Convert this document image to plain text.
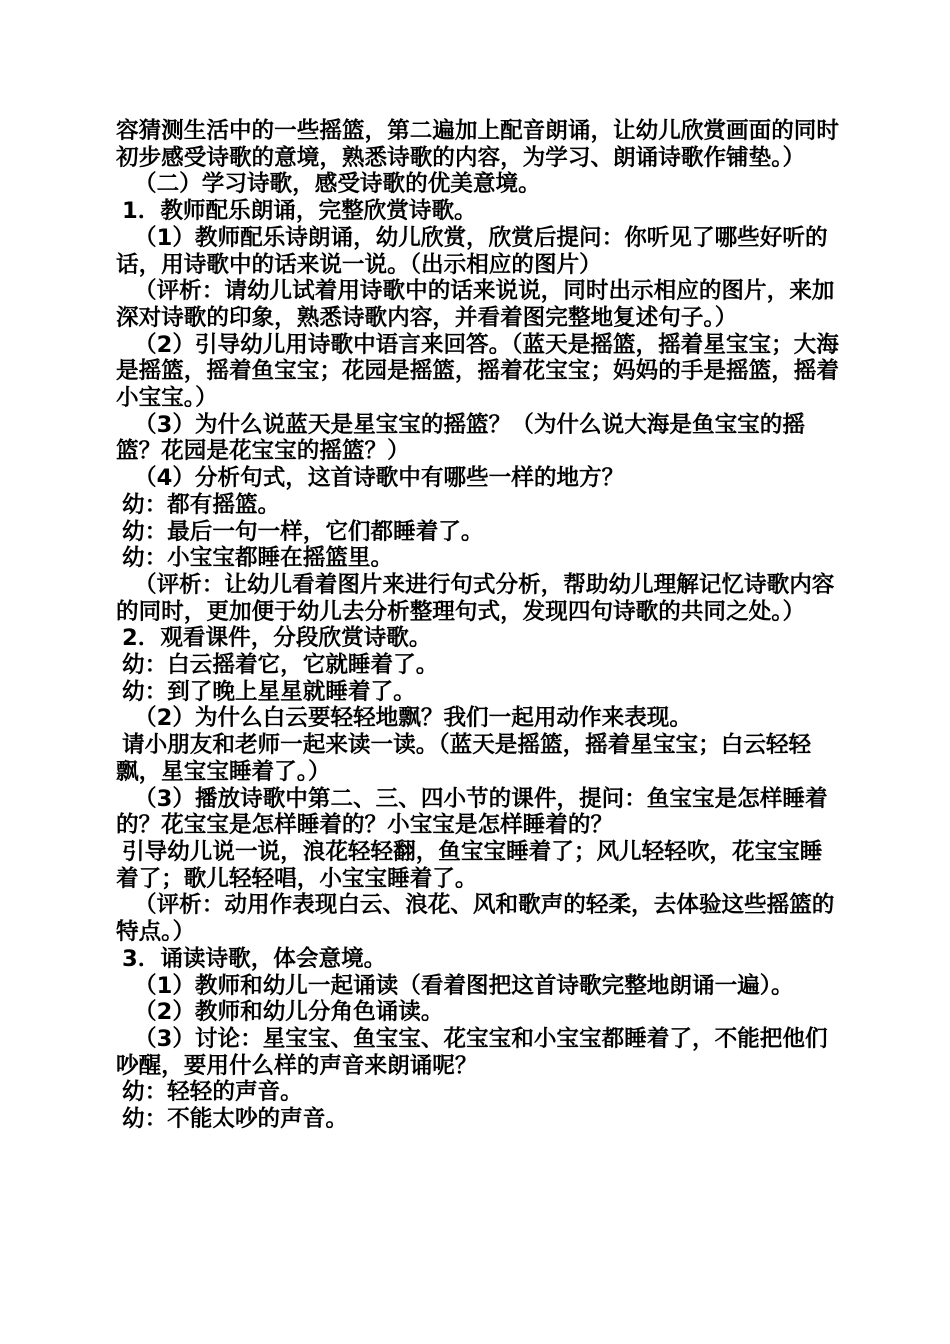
容猜测生活中的一些摇篮，第二遍加上配音朗诵，让幼儿欣赏画面的同时初步感受诗歌的意境，熟悉诗歌的内容，为学习、朗诵诗歌作铺垫。）

（二）学习诗歌，感受诗歌的优美意境。

1．教师配乐朗诵，完整欣赏诗歌。

（1）教师配乐诗朗诵，幼儿欣赏，欣赏后提问：你听见了哪些好听的话，用诗歌中的话来说一说。（出示相应的图片）

（评析：请幼儿试着用诗歌中的话来说说，同时出示相应的图片，来加深对诗歌的印象，熟悉诗歌内容，并看着图完整地复述句子。）

（2）引导幼儿用诗歌中语言来回答。（蓝天是摇篮，摇着星宝宝；大海是摇篮，摇着鱼宝宝；花园是摇篮，摇着花宝宝；妈妈的手是摇篮，摇着小宝宝。）

（3）为什么说蓝天是星宝宝的摇篮？（为什么说大海是鱼宝宝的摇篮？花园是花宝宝的摇篮？）

（4）分析句式，这首诗歌中有哪些一样的地方？

幼：都有摇篮。

幼：最后一句一样，它们都睡着了。

幼：小宝宝都睡在摇篮里。

（评析：让幼儿看着图片来进行句式分析，帮助幼儿理解记忆诗歌内容的同时，更加便于幼儿去分析整理句式，发现四句诗歌的共同之处。）

2．观看课件，分段欣赏诗歌。

幼：白云摇着它，它就睡着了。

幼：到了晚上星星就睡着了。

（2）为什么白云要轻轻地飘？我们一起用动作来表现。

请小朋友和老师一起来读一读。（蓝天是摇篮，摇着星宝宝；白云轻轻飘，星宝宝睡着了。）

（3）播放诗歌中第二、三、四小节的课件，提问：鱼宝宝是怎样睡着的？花宝宝是怎样睡着的？小宝宝是怎样睡着的？

引导幼儿说一说，浪花轻轻翻，鱼宝宝睡着了；风儿轻轻吹，花宝宝睡着了；歌儿轻轻唱，小宝宝睡着了。

（评析：动用作表现白云、浪花、风和歌声的轻柔，去体验这些摇篮的特点。）

3．诵读诗歌，体会意境。

（1）教师和幼儿一起诵读（看着图把这首诗歌完整地朗诵一遍）。

（2）教师和幼儿分角色诵读。

（3）讨论：星宝宝、鱼宝宝、花宝宝和小宝宝都睡着了，不能把他们吵醒，要用什么样的声音来朗诵呢？

幼：轻轻的声音。

幼：不能太吵的声音。
